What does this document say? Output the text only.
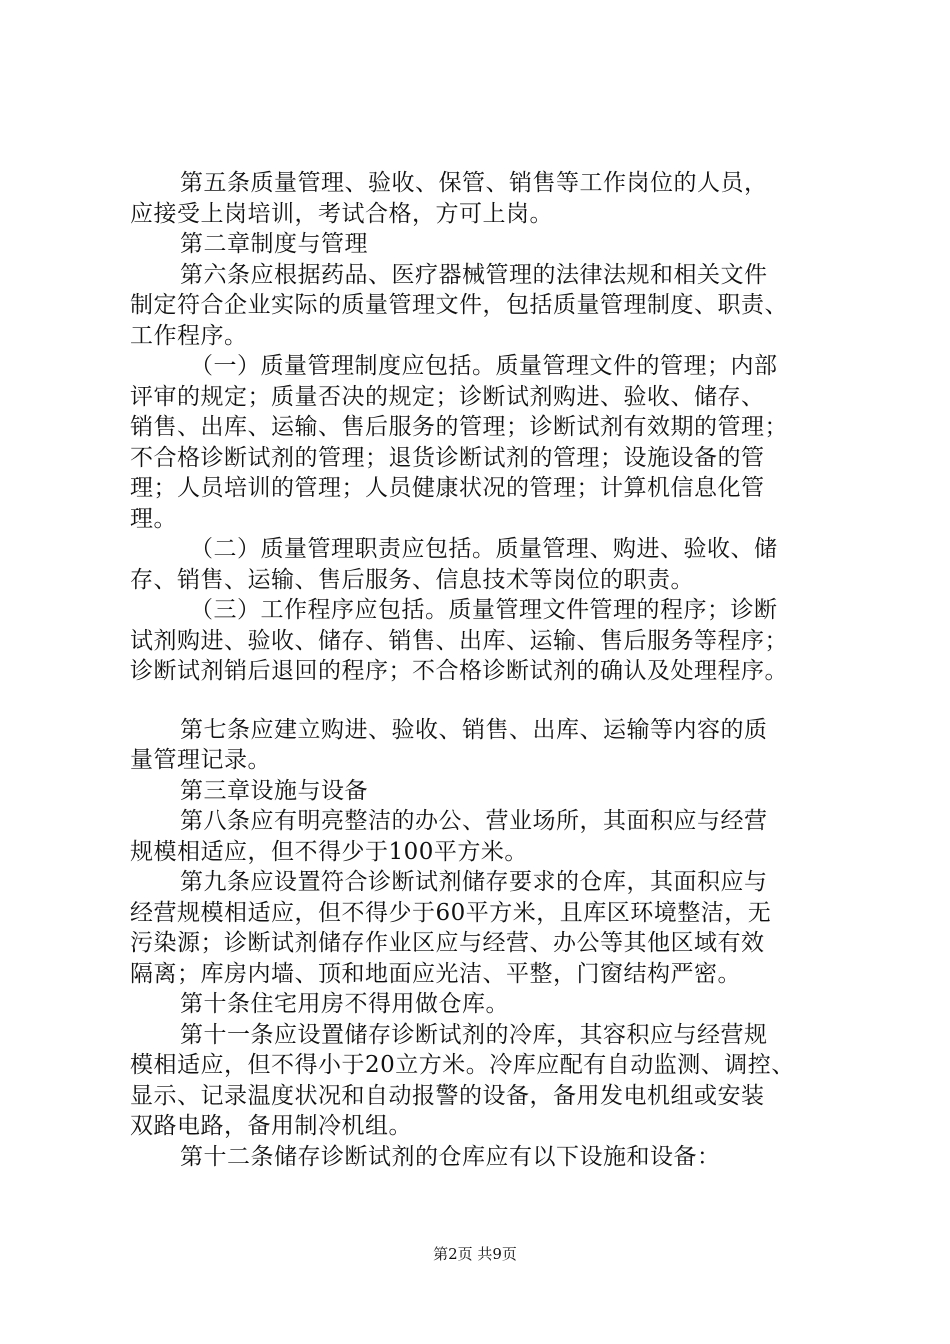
第五条质量管理、验收、保管、销售等工作岗位的人员，
应接受上岗培训，考试合格，方可上岗。
第二章制度与管理
第六条应根据药品、医疗器械管理的法律法规和相关文件
制定符合企业实际的质量管理文件，包括质量管理制度、职责、
工作程序。
（一）质量管理制度应包括。质量管理文件的管理；内部
评审的规定；质量否决的规定；诊断试剂购进、验收、储存、
销售、出库、运输、售后服务的管理；诊断试剂有效期的管理；
不合格诊断试剂的管理；退货诊断试剂的管理；设施设备的管
理；人员培训的管理；人员健康状况的管理；计算机信息化管
理。
（二）质量管理职责应包括。质量管理、购进、验收、储
存、销售、运输、售后服务、信息技术等岗位的职责。
（三）工作程序应包括。质量管理文件管理的程序；诊断
试剂购进、验收、储存、销售、出库、运输、售后服务等程序；
诊断试剂销后退回的程序；不合格诊断试剂的确认及处理程序。
第七条应建立购进、验收、销售、出库、运输等内容的质
量管理记录。
第三章设施与设备
第八条应有明亮整洁的办公、营业场所，其面积应与经营
规模相适应，但不得少于100平方米。
第九条应设置符合诊断试剂储存要求的仓库，其面积应与
经营规模相适应，但不得少于60平方米，且库区环境整洁，无
污染源；诊断试剂储存作业区应与经营、办公等其他区域有效
隔离；库房内墙、顶和地面应光洁、平整，门窗结构严密。
第十条住宅用房不得用做仓库。
第十一条应设置储存诊断试剂的冷库，其容积应与经营规
模相适应，但不得小于20立方米。冷库应配有自动监测、调控、
显示、记录温度状况和自动报警的设备，备用发电机组或安装
双路电路，备用制冷机组。
第十二条储存诊断试剂的仓库应有以下设施和设备：
第2页 共9页
